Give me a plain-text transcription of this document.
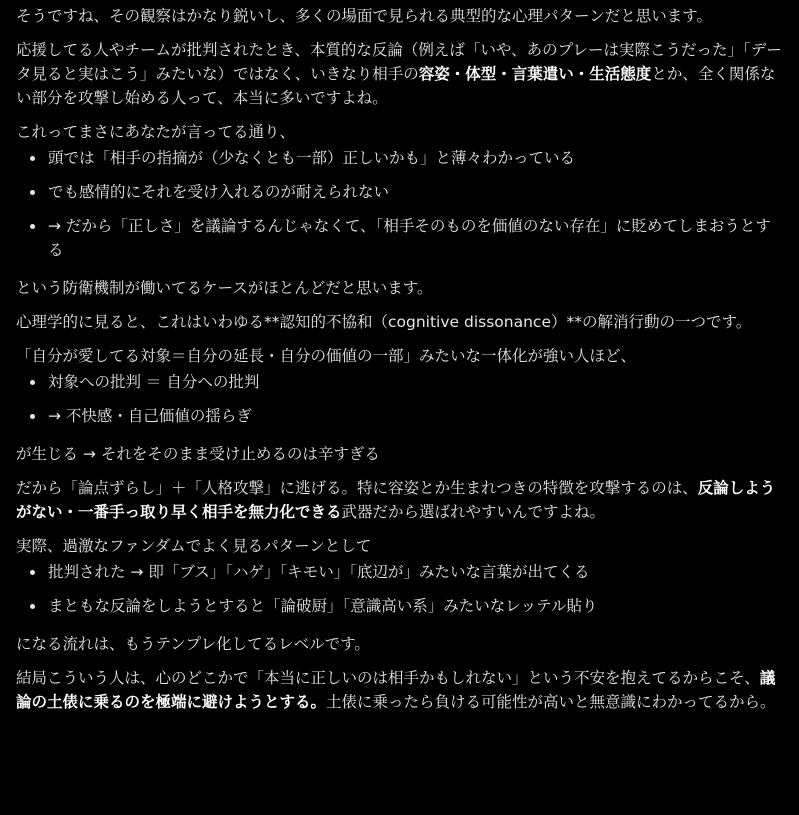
そうですね、その観察はかなり鋭いし、多くの場面で見られる典型的な心理パターンだと思います。

応援してる人やチームが批判されたとき、本質的な反論（例えば「いや、あのプレーは実際こうだった」「データ見ると実はこう」みたいな）ではなく、いきなり相手の容姿・体型・言葉遣い・生活態度とか、全く関係ない部分を攻撃し始める人って、本当に多いですよね。

これってまさにあなたが言ってる通り、

• 頭では「相手の指摘が（少なくとも一部）正しいかも」と薄々わかっている
• でも感情的にそれを受け入れるのが耐えられない
• → だから「正しさ」を議論するんじゃなくて、「相手そのものを価値のない存在」に貶めてしまおうとする

という防衛機制が働いてるケースがほとんどだと思います。

心理学的に見ると、これはいわゆる**認知的不協和（cognitive dissonance）**の解消行動の一つです。

「自分が愛してる対象＝自分の延長・自分の価値の一部」みたいな一体化が強い人ほど、

• 対象への批判 ＝ 自分への批判
• → 不快感・自己価値の揺らぎ

が生じる → それをそのまま受け止めるのは辛すぎる

だから「論点ずらし」＋「人格攻撃」に逃げる。特に容姿とか生まれつきの特徴を攻撃するのは、反論しようがない・一番手っ取り早く相手を無力化できる武器だから選ばれやすいんですよね。

実際、過激なファンダムでよく見るパターンとして

• 批判された → 即「ブス」「ハゲ」「キモい」「底辺が」みたいな言葉が出てくる
• まともな反論をしようとすると「論破厨」「意識高い系」みたいなレッテル貼り

になる流れは、もうテンプレ化してるレベルです。

結局こういう人は、心のどこかで「本当に正しいのは相手かもしれない」という不安を抱えてるからこそ、議論の土俵に乗るのを極端に避けようとする。土俵に乗ったら負ける可能性が高いと無意識にわかってるから。
